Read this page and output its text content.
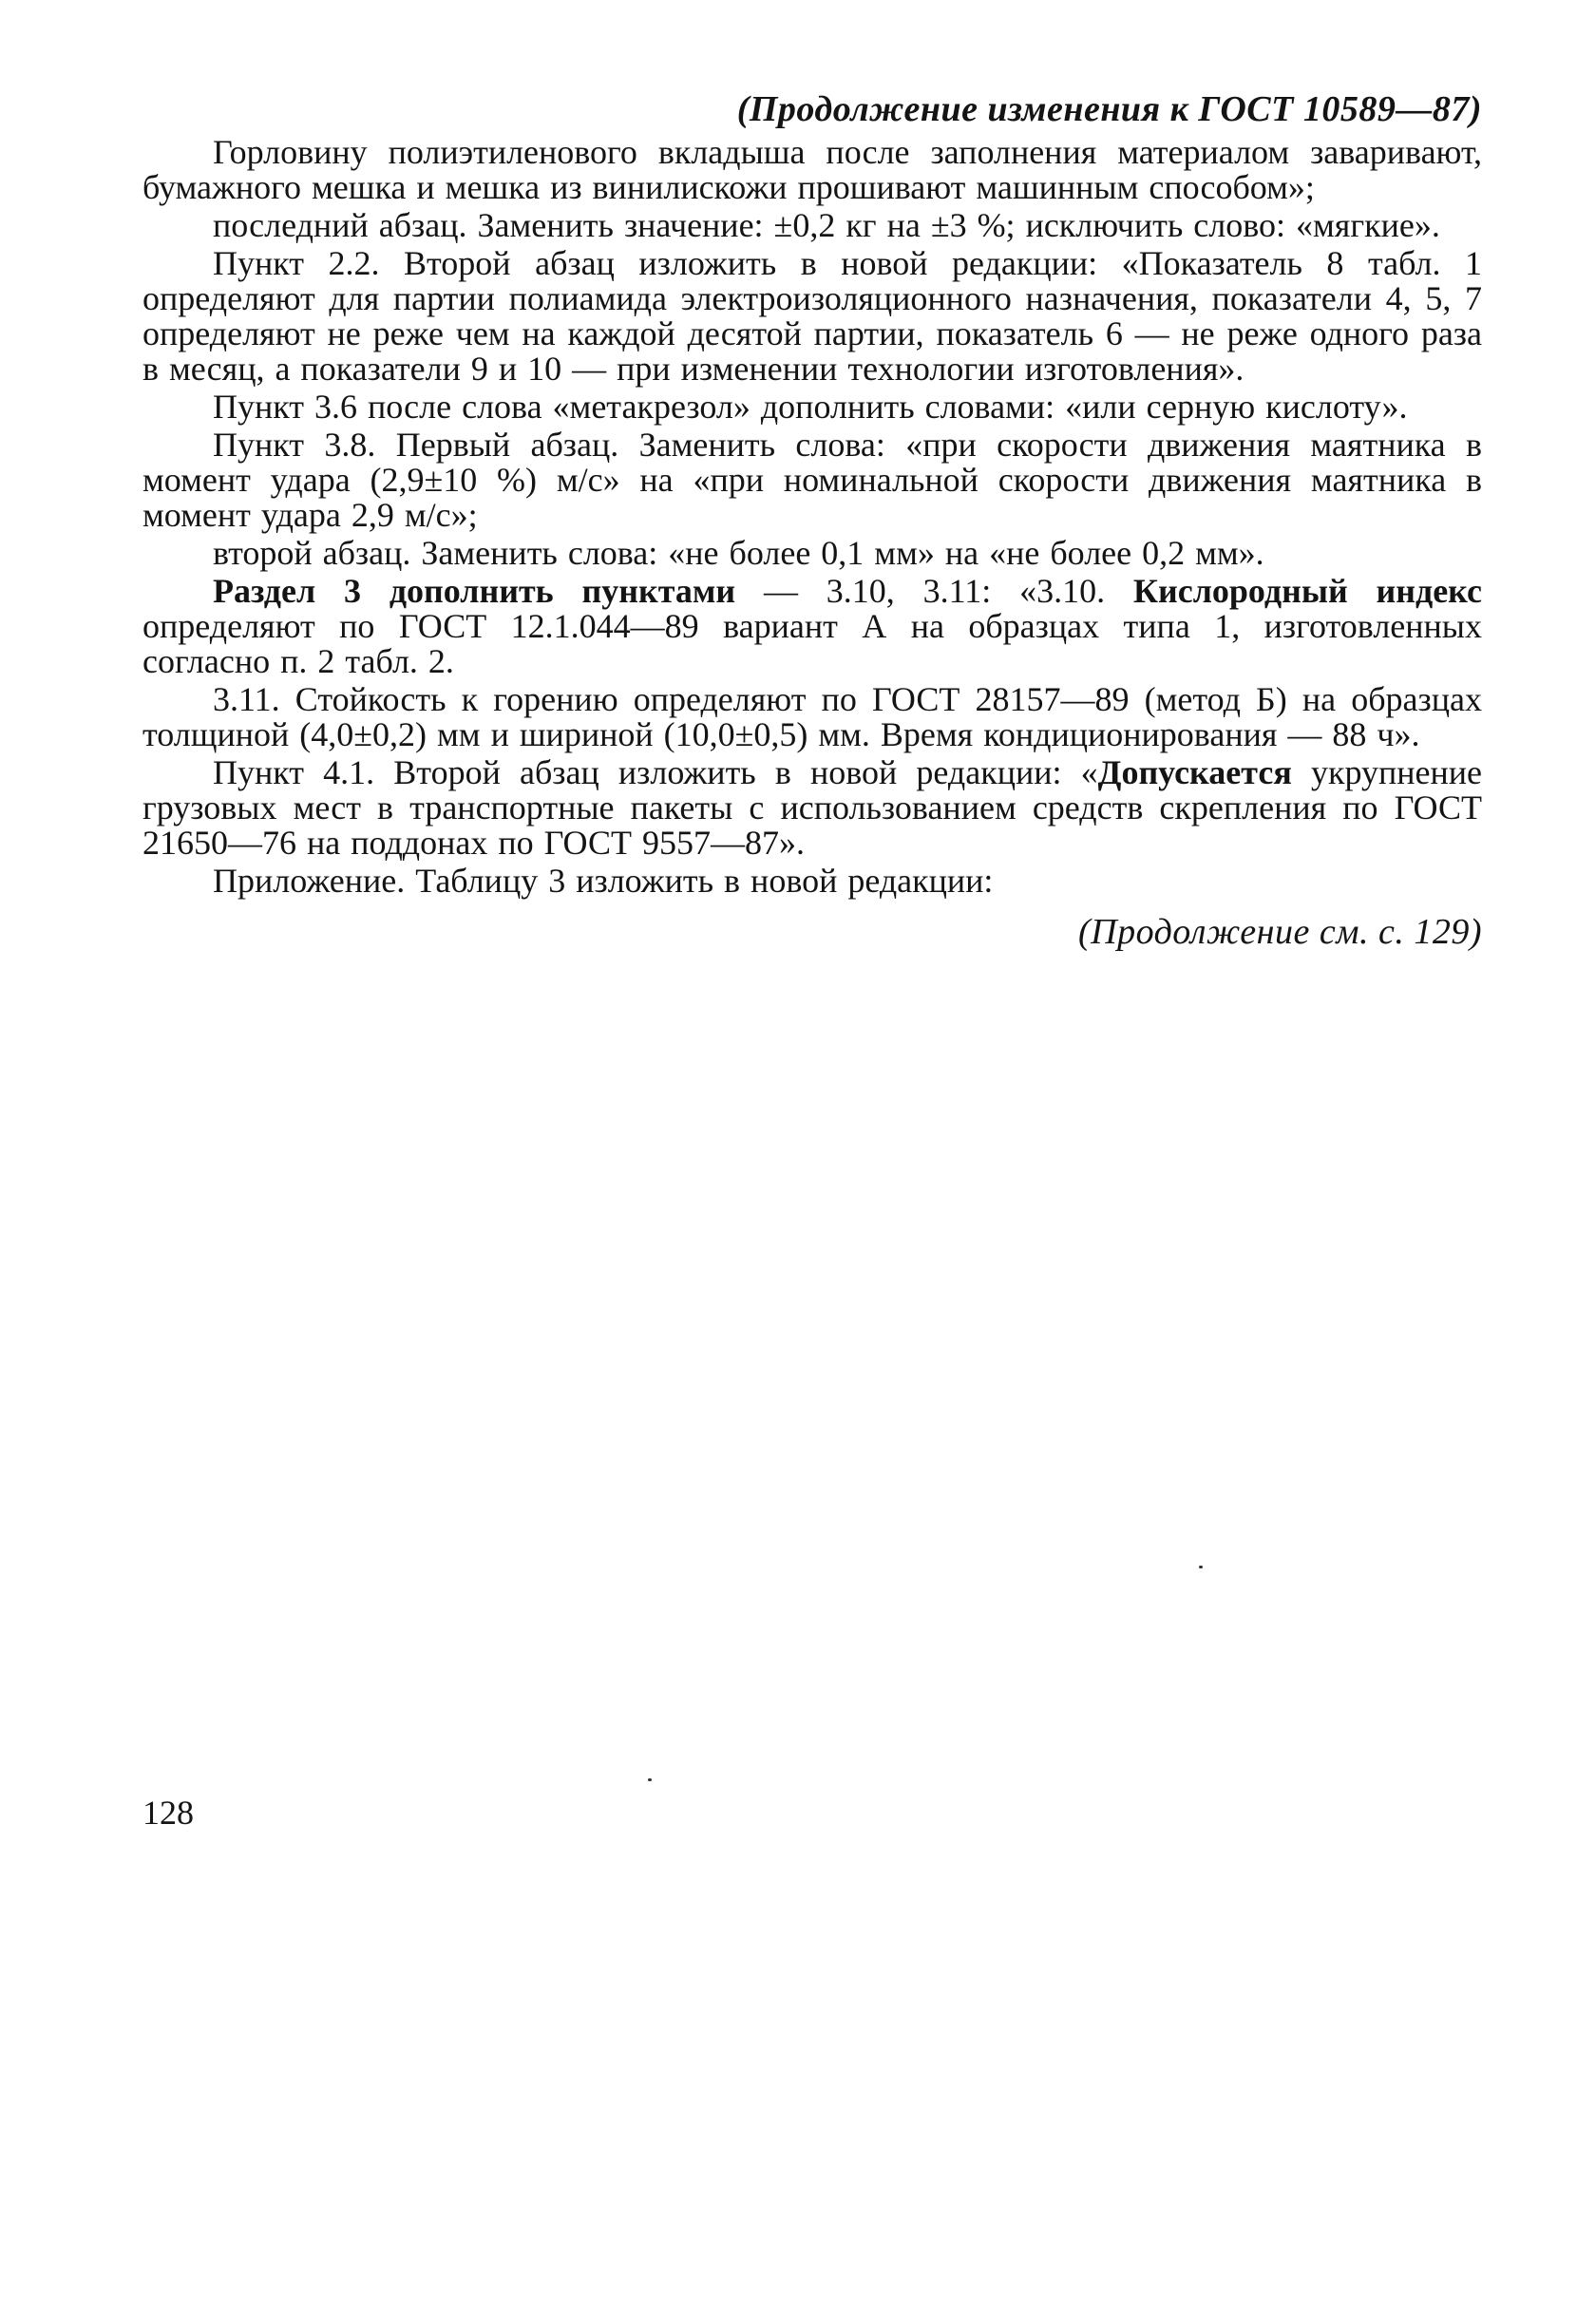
(Продолжение изменения к ГОСТ 10589—87)

Горловину полиэтиленового вкладыша после заполнения материалом заваривают, бумажного мешка и мешка из винилискожи прошивают машинным способом»;

последний абзац. Заменить значение: ±0,2 кг на ±3 %; исключить слово: «мягкие».

Пункт 2.2. Второй абзац изложить в новой редакции: «Показатель 8 табл. 1 определяют для партии полиамида электроизоляционного назначения, показатели 4, 5, 7 определяют не реже чем на каждой десятой партии, показатель 6 — не реже одного раза в месяц, а показатели 9 и 10 — при изменении технологии изготовления».

Пункт 3.6 после слова «метакрезол» дополнить словами: «или серную кислоту».

Пункт 3.8. Первый абзац. Заменить слова: «при скорости движения маятника в момент удара (2,9±10 %) м/с» на «при номинальной скорости движения маятника в момент удара 2,9 м/с»;

второй абзац. Заменить слова: «не более 0,1 мм» на «не более 0,2 мм».

Раздел 3 дополнить пунктами — 3.10, 3.11: «3.10. Кислородный индекс определяют по ГОСТ 12.1.044—89 вариант А на образцах типа 1, изготовленных согласно п. 2 табл. 2.

3.11. Стойкость к горению определяют по ГОСТ 28157—89 (метод Б) на образцах толщиной (4,0±0,2) мм и шириной (10,0±0,5) мм. Время кондиционирования — 88 ч».

Пункт 4.1. Второй абзац изложить в новой редакции: «Допускается укрупнение грузовых мест в транспортные пакеты с использованием средств скрепления по ГОСТ 21650—76 на поддонах по ГОСТ 9557—87».

Приложение. Таблицу 3 изложить в новой редакции:

(Продолжение см. с. 129)
128
